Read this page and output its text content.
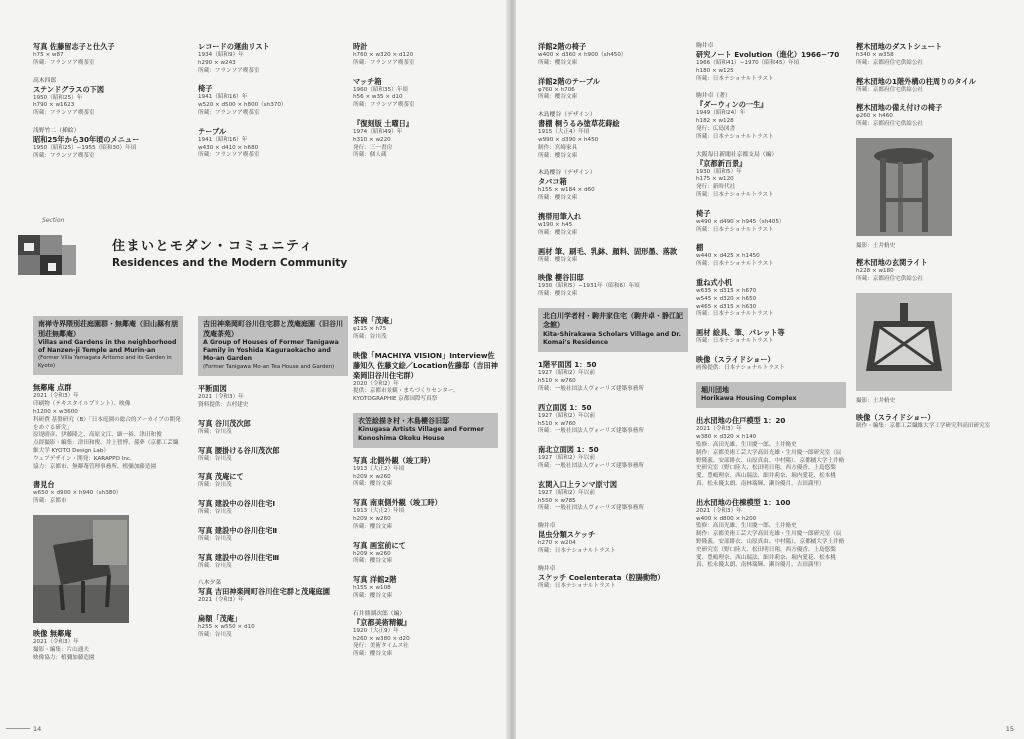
写真 佐藤留志子と仕久子
h75 × w87
所蔵：フランソア喫茶室
高木四郎
ステンドグラスの下図
1950（昭和25）年
h790 × w1623
所蔵：フランソア喫茶室
浅野竹二（挿絵）
昭和25年から30年頃のメニュー
1950（昭和25）−1955（昭和30）年頃
所蔵：フランソア喫茶室
レコードの運曲リスト
1934（昭和9）年
h290 × w243
所蔵：フランソア喫茶室
椅子
1941（昭和16）年
w520 × d500 × h800（sh370）
所蔵：フランソア喫茶室
テーブル
1941（昭和16）年
w430 × d410 × h680
所蔵：フランソア喫茶室
時計
h760 × w320 × d120
所蔵：フランソア喫茶室
マッチ箱
1960（昭和35）年頃
h56 × w35 × d10
所蔵：フランソア喫茶室
『復刻版 土曜日』
1974（昭和49）年
h310 × w220
発行：三一書房
所蔵：個人蔵
Section
住まいとモダン・コミュニティ
Residences and the Modern Community
南禅寺界隈別荘庭園群・無鄰庵（旧山縣有朋別荘無鄰庵）
Villas and Gardens in the neighborhood of Nanzen-ji Temple and Murin-an
(Former Villa Yamagata Aritomo and its Garden in Kyoto)
無鄰庵 点群
2021（令和3）年
印刷物（テキスタイルプリント）、映像
h1200 × w3600
科研費 基盤研究（B）「日本庭園の総合的アーカイブの開発をめぐる研究」
原堤晴彦、伊藤隆之、高原文江、細一裕、津田和俊
点群撮影・編集：津田和俊、井上智博、孫夢（京都工芸繊維大学 KYOTO Design Lab）
ウェブデザイン・開発：KARAPPO Inc.
協力：京都市、無鄰菴管理事務所、植彌加藤造園
書見台
w650 × d900 × h940（sh380）
所蔵：京都市
映像 無鄰庵
2021（令和3）年
撮影・編集：片山通夫
映像協力：植彌加藤造園
吉田神楽岡町谷川住宅群と茂庵庭園（旧谷川茂庵茶苑）
A Group of Houses of Former Tanigawa Family in Yoshida Kaguraokacho and Mo-an Garden
(Former Tanigawa Mo-an Tea House and Garden)
平断面図
2021（令和3）年
資料提供：吉村建史
写真 谷川茂次郎
所蔵：谷川茂
写真 腰掛ける谷川茂次郎
所蔵：谷川茂
写真 茂庵にて
所蔵：谷川茂
写真 建設中の谷川住宅Ⅰ
所蔵：谷川茂
写真 建設中の谷川住宅Ⅱ
所蔵：谷川茂
写真 建設中の谷川住宅Ⅲ
所蔵：谷川茂
八木夕菜
写真 吉田神楽岡町谷川住宅群と茂庵庭園
2021（令和3）年
扁額「茂庵」
h255 × w550 × d10
所蔵：谷川茂
茶碗「茂庵」
φ115 × h75
所蔵：谷川茂
映像「MACHIYA VISION」Interview佐藤知久 佐藤文絵／Location佐藤邸（吉田神楽岡旧谷川住宅群）
2020（令和2）年
提供：京都市景観・まちづくりセンター、KYOTOGRAPHIE 京都国際写真祭
衣笠絵描き村・木島櫻谷旧邸
Kinugasa Artists Village and Former Konoshima Okoku House
写真 北側外観（竣工時）
1913（大正2）年頃
h209 × w260
所蔵：櫻谷文庫
写真 南東側外観（竣工時）
1913（大正2）年頃
h209 × w260
所蔵：櫻谷文庫
写真 画室前にて
h209 × w260
所蔵：櫻谷文庫
写真 洋館2階
h155 × w108
所蔵：櫻谷文庫
石井鼎湖次郎（編）
『京都美術精観』
1920（大正9）年
h260 × w380 × d20
発行：美術タイムス社
所蔵：櫻谷文庫
14
洋館2階の椅子
w400 × d360 × h900（sh450）
所蔵：櫻谷文庫
洋館2階のテーブル
φ760 × h706
所蔵：櫻谷文庫
木島櫻谷（デザイン）
書棚 桐うるみ塗草花蒔絵
1915（大正4）年頃
w990 × d390 × h450
制作：宮崎家具
所蔵：櫻谷文庫
木島櫻谷（デザイン）
タバコ箱
h155 × w184 × d60
所蔵：櫻谷文庫
携帯用筆入れ
w190 × h45
所蔵：櫻谷文庫
画材 筆、刷毛、乳鉢、顔料、固形墨、落款
所蔵：櫻谷文庫
映像 櫻谷旧邸
1930（昭和5）−1931年（昭和6）年頃
所蔵：櫻谷文庫
北白川学者村・駒井家住宅（駒井卓・静江記念館）
Kita-Shirakawa Scholars Village and Dr. Komai's Residence
1階平面図 1：50
1927（昭和2）年以前
h510 × w760
所蔵：一般社団法人ヴォーリズ建築事務所
西立面図 1：50
1927（昭和2）年以前
h510 × w760
所蔵：一般社団法人ヴォーリズ建築事務所
南北立面図 1：50
1927（昭和2）年以前
所蔵：一般社団法人ヴォーリズ建築事務所
玄関入口上ランマ原寸図
1927（昭和2）年以前
h550 × w785
所蔵：一般社団法人ヴォーリズ建築事務所
駒井卓
昆虫分類スケッチ
h270 × w204
所蔵：日本ナショナルトラスト
駒井卓
スケッチ Coelenterata（腔腸動物）
所蔵：日本ナショナルトラスト
駒井卓
研究ノート Evolution（進化）1966−'70
1966（昭和41）−1970（昭和45）年頃
h180 × w125
所蔵：日本ナショナルトラスト
駒井卓（著）
『ダーウィンの一生』
1949（昭和24）年
h182 × w128
発行：広島図書
所蔵：日本ナショナルトラスト
大阪毎日新聞社京都支局（編）
『京都新百景』
1930（昭和5）年
h175 × w120
発行：新時代社
所蔵：日本ナショナルトラスト
椅子
w490 × d490 × h945（sh405）
所蔵：日本ナショナルトラスト
棚
w440 × d425 × h1450
所蔵：日本ナショナルトラスト
重ね式小机
w635 × d315 × h670
w545 × d320 × h650
w465 × d315 × h630
所蔵：日本ナショナルトラスト
画材 絵具、筆、パレット等
所蔵：日本ナショナルトラスト
映像（スライドショー）
画像提供：日本ナショナルトラスト
堀川団地
Horikawa Housing Complex
出水団地の住戸模型 1：20
2021（令和3）年
w380 × d320 × h140
監修：高田光雄、生川慶一郎、土井脩史
制作：京都美術工芸大学高田光雄・生川慶一郎研究室（辰野隆義、安部緋衣、山原真由、中村陽）、京都橘大学土井脩史研究室（野口陸大、松田明日翔、西方優香、上島悠梨愛、豊嶋理奈、西山瑞法、細井莉奈、堀内愛花、松本桃真、松永優太朗、南林瑞輝、瀬谷優月、吉田満里）
出水団地の住棟模型 1：100
2021（令和3）年
w400 × d800 × h200
監修：高田光雄、生川慶一郎、土井脩史
制作：京都美術工芸大学高田光雄・生川慶一郎研究室（辰野隆義、安部緋衣、山原真由、中村陽）、京都橘大学土井脩史研究室（野口陸大、松田明日翔、西方優香、上島悠梨愛、豊嶋理奈、西山瑞法、細井莉奈、堀内愛花、松本桃真、松永優太朗、南林瑞輝、瀬谷優月、吉田満里）
樫木団地のダストシュート
h340 × w358
所蔵：京都府住宅供給公社
樫木団地の1階外構の柱周りのタイル
所蔵：京都府住宅供給公社
樫木団地の備え付けの椅子
φ260 × h460
所蔵：京都府住宅供給公社
撮影：土井脩史
樫木団地の玄関ライト
h228 × w180
所蔵：京都府住宅供給公社
撮影：土井脩史
映像（スライドショー）
制作・編集：京都工芸繊維大学工学研究科高田研究室
15
